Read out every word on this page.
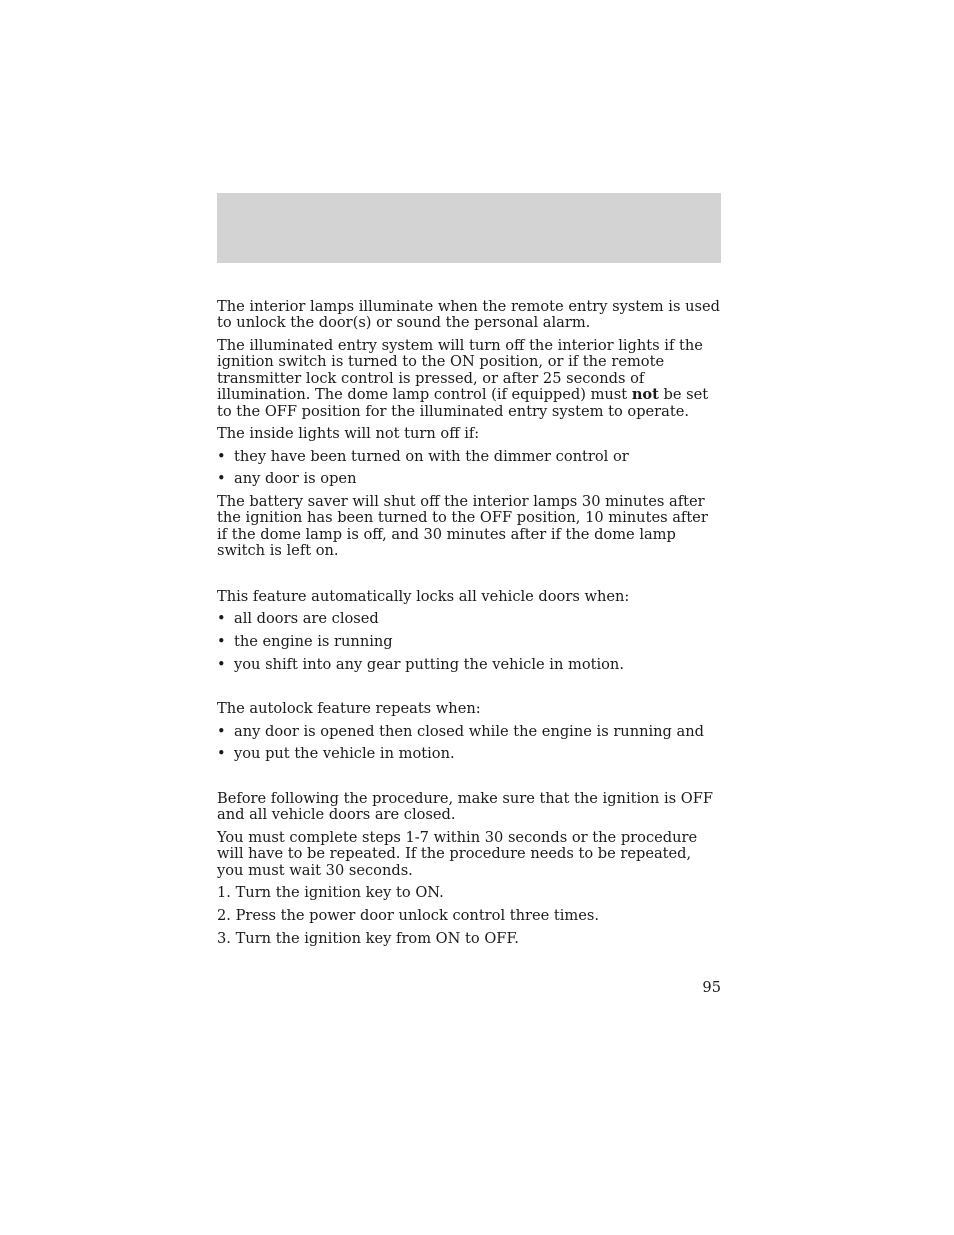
The interior lamps illuminate when the remote entry system is used to unlock the door(s) or sound the personal alarm.

The illuminated entry system will turn off the interior lights if the ignition switch is turned to the ON position, or if the remote transmitter lock control is pressed, or after 25 seconds of illumination. The dome lamp control (if equipped) must not be set to the OFF position for the illuminated entry system to operate.

The inside lights will not turn off if:

• they have been turned on with the dimmer control or
• any door is open

The battery saver will shut off the interior lamps 30 minutes after the ignition has been turned to the OFF position, 10 minutes after if the dome lamp is off, and 30 minutes after if the dome lamp switch is left on.

This feature automatically locks all vehicle doors when:

• all doors are closed
• the engine is running
• you shift into any gear putting the vehicle in motion.

The autolock feature repeats when:

• any door is opened then closed while the engine is running and
• you put the vehicle in motion.

Before following the procedure, make sure that the ignition is OFF and all vehicle doors are closed.

You must complete steps 1-7 within 30 seconds or the procedure will have to be repeated. If the procedure needs to be repeated, you must wait 30 seconds.

1. Turn the ignition key to ON.

2. Press the power door unlock control three times.

3. Turn the ignition key from ON to OFF.

95
